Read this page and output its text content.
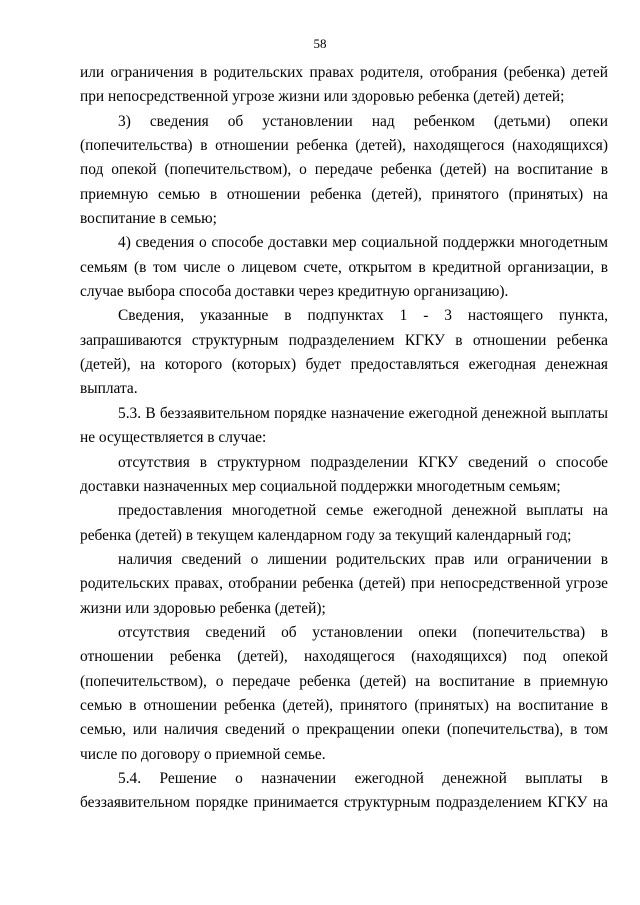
58

или ограничения в родительских правах родителя, отобрания (ребенка) детей при непосредственной угрозе жизни или здоровью ребенка (детей) детей;

3) сведения об установлении над ребенком (детьми) опеки (попечительства) в отношении ребенка (детей), находящегося (находящихся) под опекой (попечительством), о передаче ребенка (детей) на воспитание в приемную семью в отношении ребенка (детей), принятого (принятых) на воспитание в семью;

4) сведения о способе доставки мер социальной поддержки многодетным семьям (в том числе о лицевом счете, открытом в кредитной организации, в случае выбора способа доставки через кредитную организацию).

Сведения, указанные в подпунктах 1 - 3 настоящего пункта, запрашиваются структурным подразделением КГКУ в отношении ребенка (детей), на которого (которых) будет предоставляться ежегодная денежная выплата.

5.3. В беззаявительном порядке назначение ежегодной денежной выплаты не осуществляется в случае:

отсутствия в структурном подразделении КГКУ сведений о способе доставки назначенных мер социальной поддержки многодетным семьям;

предоставления многодетной семье ежегодной денежной выплаты на ребенка (детей) в текущем календарном году за текущий календарный год;

наличия сведений о лишении родительских прав или ограничении в родительских правах, отобрании ребенка (детей) при непосредственной угрозе жизни или здоровью ребенка (детей);

отсутствия сведений об установлении опеки (попечительства) в отношении ребенка (детей), находящегося (находящихся) под опекой (попечительством), о передаче ребенка (детей) на воспитание в приемную семью в отношении ребенка (детей), принятого (принятых) на воспитание в семью, или наличия сведений о прекращении опеки (попечительства), в том числе по договору о приемной семье.

5.4. Решение о назначении ежегодной денежной выплаты в беззаявительном порядке принимается структурным подразделением КГКУ на
